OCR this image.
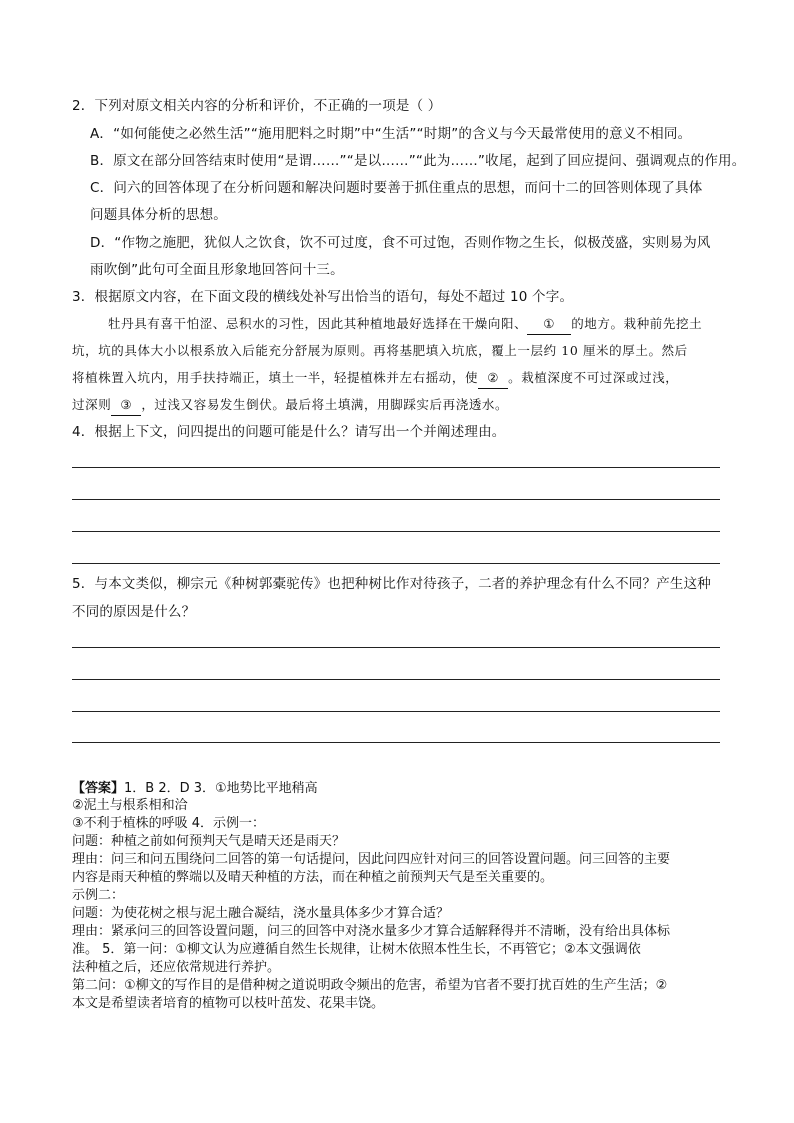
2．下列对原文相关内容的分析和评价，不正确的一项是（ ）
A．“如何能使之必然生活”“施用肥料之时期”中“生活”“时期”的含义与今天最常使用的意义不相同。
B．原文在部分回答结束时使用“是谓……”“是以……”“此为……”收尾，起到了回应提问、强调观点的作用。
C．问六的回答体现了在分析问题和解决问题时要善于抓住重点的思想，而问十二的回答则体现了具体
问题具体分析的思想。
D．“作物之施肥，犹似人之饮食，饮不可过度，食不可过饱，否则作物之生长，似极茂盛，实则易为风
雨吹倒”此句可全面且形象地回答问十三。
3．根据原文内容，在下面文段的横线处补写出恰当的语句，每处不超过 10 个字。
牡丹具有喜干怕涩、忌积水的习性，因此其种植地最好选择在干燥向阳、 ① 的地方。栽种前先挖土
坑，坑的具体大小以根系放入后能充分舒展为原则。再将基肥填入坑底，覆上一层约 10 厘米的厚土。然后
将植株置入坑内，用手扶持端正，填土一半，轻提植株并左右摇动，使 ② 。栽植深度不可过深或过浅，
过深则 ③ ，过浅又容易发生倒伏。最后将土填满，用脚踩实后再浇透水。
4．根据上下文，问四提出的问题可能是什么？请写出一个并阐述理由。
5．与本文类似，柳宗元《种树郭橐驼传》也把种树比作对待孩子，二者的养护理念有什么不同？产生这种
不同的原因是什么？
【答案】1．B 2．D 3．①地势比平地稍高
②泥土与根系相和洽
③不利于植株的呼吸 4．示例一：
问题：种植之前如何预判天气是晴天还是雨天？
理由：问三和问五围绕问二回答的第一句话提问，因此问四应针对问三的回答设置问题。问三回答的主要
内容是雨天种植的弊端以及晴天种植的方法，而在种植之前预判天气是至关重要的。
示例二：
问题：为使花树之根与泥土融合凝结，浇水量具体多少才算合适？
理由：紧承问三的回答设置问题，问三的回答中对浇水量多少才算合适解释得并不清晰，没有给出具体标
准。 5．第一问：①柳文认为应遵循自然生长规律，让树木依照本性生长，不再管它；②本文强调依
法种植之后，还应依常规进行养护。
第二问：①柳文的写作目的是借种树之道说明政令频出的危害，希望为官者不要打扰百姓的生产生活；②
本文是希望读者培育的植物可以枝叶茁发、花果丰饶。
